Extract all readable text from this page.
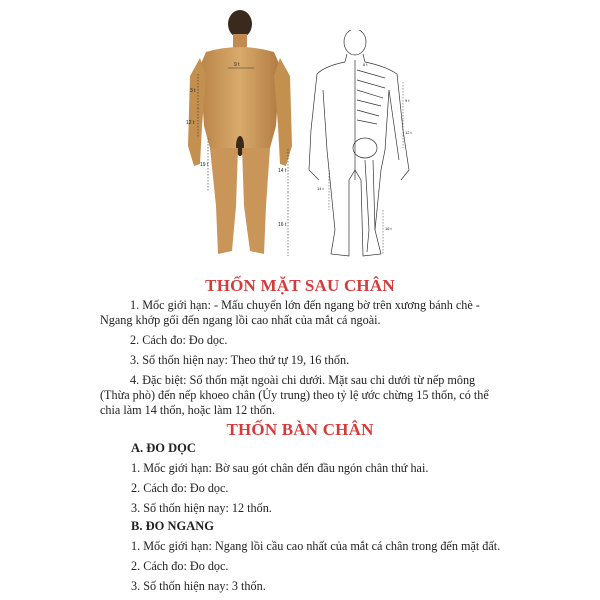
9 t
3 t
12 t
19 t
14 t
16 t
8 t
9 t
12 t
14 t
16 t
THỐN MẶT SAU CHÂN
1. Mốc giới hạn: - Mấu chuyển lớn đến ngang bờ trên xương bánh chè -
Ngang khớp gối đến ngang lồi cao nhất của mắt cá ngoài.
2. Cách đo: Đo dọc.
3. Số thốn hiện nay: Theo thứ tự 19, 16 thốn.
4. Đặc biệt: Số thốn mặt ngoài chi dưới. Mặt sau chi dưới từ nếp mông
(Thừa phò) đến nếp khoeo chân (Ủy trung) theo tỷ lệ ước chừng 15 thốn, có thể
chia làm 14 thốn, hoặc làm 12 thốn.
THỐN BÀN CHÂN
A. ĐO DỌC
1. Mốc giới hạn: Bờ sau gót chân đến đầu ngón chân thứ hai.
2. Cách đo: Đo dọc.
3. Số thốn hiện nay: 12 thốn.
B. ĐO NGANG
1. Mốc giới hạn: Ngang lồi cầu cao nhất của mắt cá chân trong đến mặt đất.
2. Cách đo: Đo dọc.
3. Số thốn hiện nay: 3 thốn.
